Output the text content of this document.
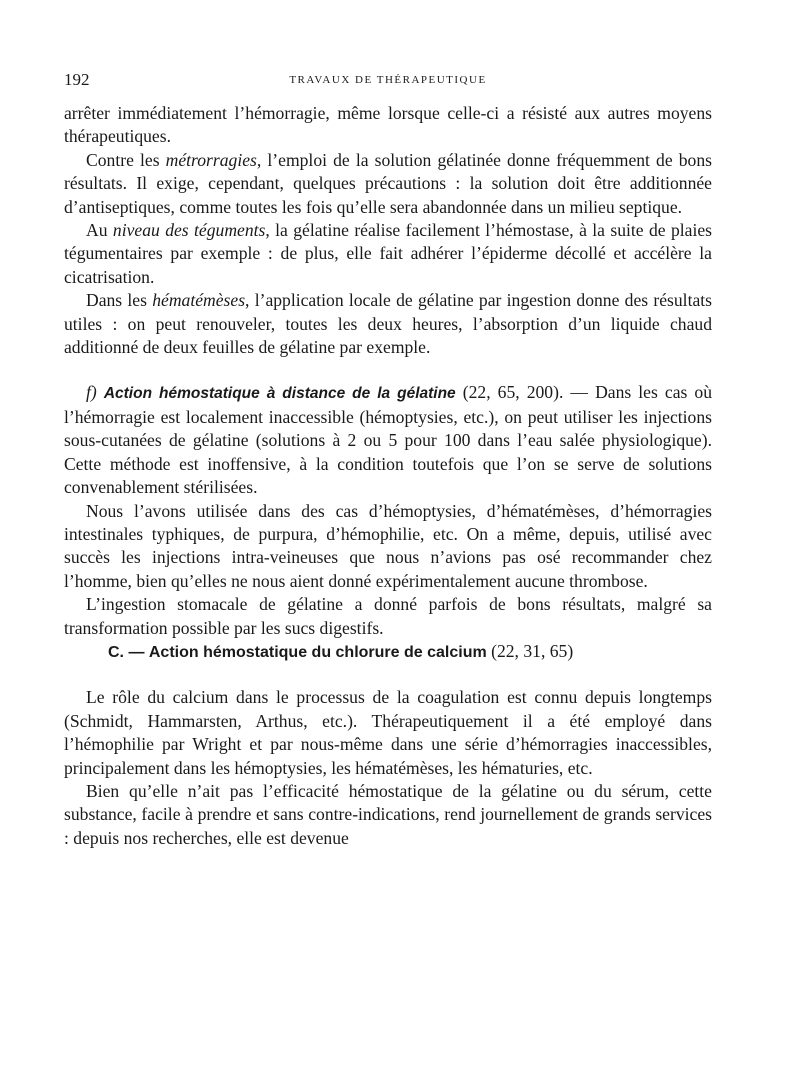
192	TRAVAUX DE THÉRAPEUTIQUE

arrêter immédiatement l’hémorragie, même lorsque celle-ci a résisté aux autres moyens thérapeutiques.

Contre les métrorragies, l’emploi de la solution gélatinée donne fréquemment de bons résultats. Il exige, cependant, quelques précautions : la solution doit être additionnée d’antiseptiques, comme toutes les fois qu’elle sera abandonnée dans un milieu septique.

Au niveau des téguments, la gélatine réalise facilement l’hémostase, à la suite de plaies tégumentaires par exemple : de plus, elle fait adhérer l’épiderme décollé et accélère la cicatrisation.

Dans les hématémèses, l’application locale de gélatine par ingestion donne des résultats utiles : on peut renouveler, toutes les deux heures, l’absorption d’un liquide chaud additionné de deux feuilles de gélatine par exemple.

f) Action hémostatique à distance de la gélatine (22, 65, 200). — Dans les cas où l’hémorragie est localement inaccessible (hémoptysies, etc.), on peut utiliser les injections sous-cutanées de gélatine (solutions à 2 ou 5 pour 100 dans l’eau salée physiologique). Cette méthode est inoffensive, à la condition toutefois que l’on se serve de solutions convenablement stérilisées.

Nous l’avons utilisée dans des cas d’hémoptysies, d’hématémèses, d’hémorragies intestinales typhiques, de purpura, d’hémophilie, etc. On a même, depuis, utilisé avec succès les injections intra-veineuses que nous n’avions pas osé recommander chez l’homme, bien qu’elles ne nous aient donné expérimentalement aucune thrombose.

L’ingestion stomacale de gélatine a donné parfois de bons résultats, malgré sa transformation possible par les sucs digestifs.

C. — Action hémostatique du chlorure de calcium (22, 31, 65)

Le rôle du calcium dans le processus de la coagulation est connu depuis longtemps (Schmidt, Hammarsten, Arthus, etc.). Thérapeutiquement il a été employé dans l’hémophilie par Wright et par nous-même dans une série d’hémorragies inaccessibles, principalement dans les hémoptysies, les hématémèses, les hématuries, etc.

Bien qu’elle n’ait pas l’efficacité hémostatique de la gélatine ou du sérum, cette substance, facile à prendre et sans contre-indications, rend journellement de grands services : depuis nos recherches, elle est devenue
